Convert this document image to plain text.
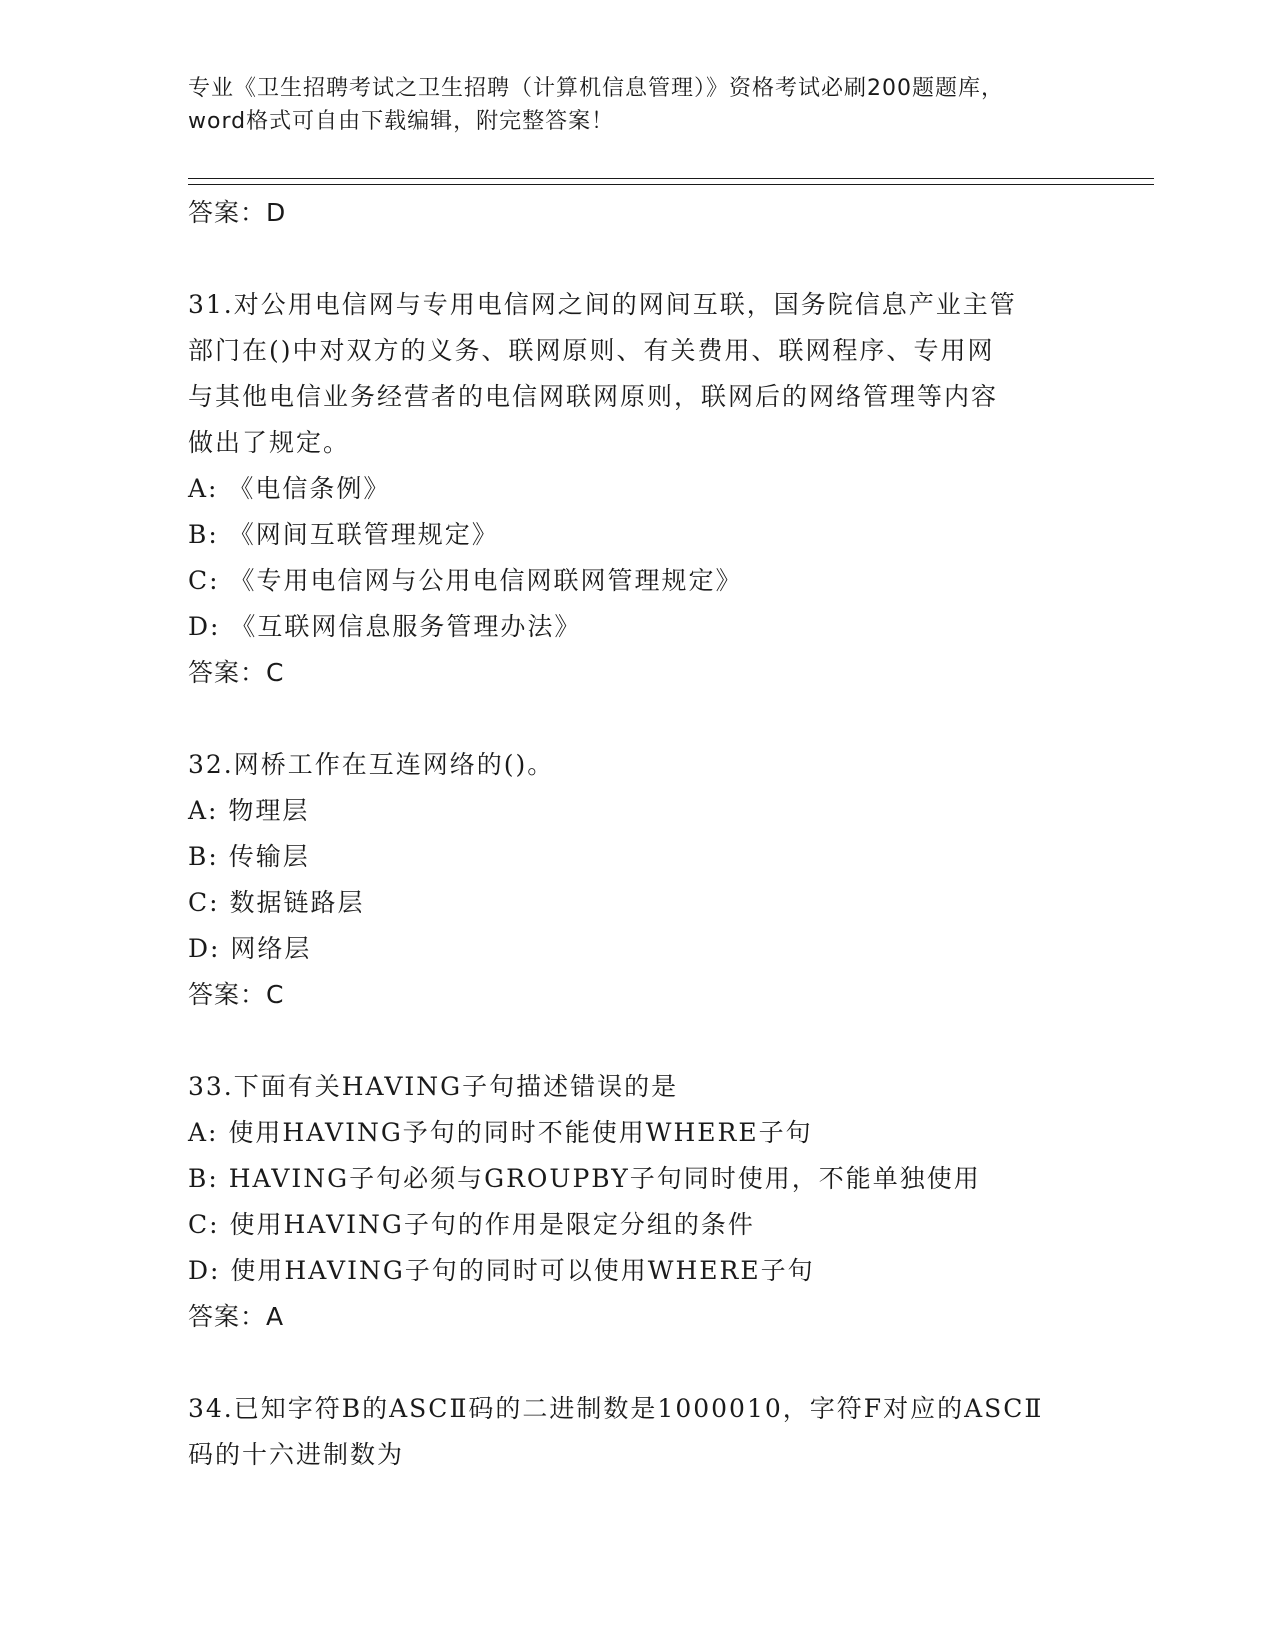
专业《卫生招聘考试之卫生招聘（计算机信息管理）》资格考试必刷200题题库，
word格式可自由下载编辑，附完整答案！
答案：D
31.对公用电信网与专用电信网之间的网间互联，国务院信息产业主管
部门在()中对双方的义务、联网原则、有关费用、联网程序、专用网
与其他电信业务经营者的电信网联网原则，联网后的网络管理等内容
做出了规定。
A: 《电信条例》
B: 《网间互联管理规定》
C: 《专用电信网与公用电信网联网管理规定》
D: 《互联网信息服务管理办法》
答案：C
32.网桥工作在互连网络的()。
A: 物理层
B: 传输层
C: 数据链路层
D: 网络层
答案：C
33.下面有关HAVING子句描述错误的是
A: 使用HAVING予句的同时不能使用WHERE子句
B: HAVING子句必须与GROUPBY子句同时使用，不能单独使用
C: 使用HAVING子句的作用是限定分组的条件
D: 使用HAVING子句的同时可以使用WHERE子句
答案：A
34.已知字符B的ASCⅡ码的二进制数是1000010，字符F对应的ASCⅡ
码的十六进制数为
